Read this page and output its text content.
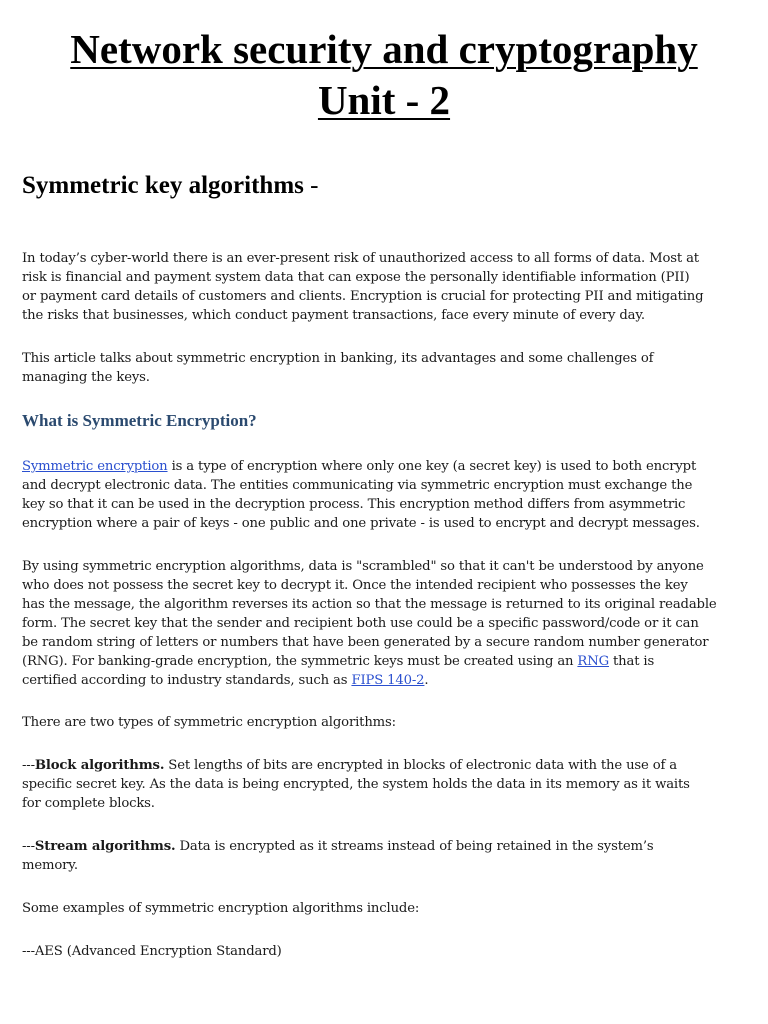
Network security and cryptography
Unit - 2
Symmetric key algorithms -

In today’s cyber-world there is an ever-present risk of unauthorized access to all forms of data. Most at
risk is financial and payment system data that can expose the personally identifiable information (PII)
or payment card details of customers and clients. Encryption is crucial for protecting PII and mitigating
the risks that businesses, which conduct payment transactions, face every minute of every day.

This article talks about symmetric encryption in banking, its advantages and some challenges of
managing the keys.

What is Symmetric Encryption?

Symmetric encryption is a type of encryption where only one key (a secret key) is used to both encrypt
and decrypt electronic data. The entities communicating via symmetric encryption must exchange the
key so that it can be used in the decryption process. This encryption method differs from asymmetric
encryption where a pair of keys - one public and one private - is used to encrypt and decrypt messages.

By using symmetric encryption algorithms, data is "scrambled" so that it can't be understood by anyone
who does not possess the secret key to decrypt it. Once the intended recipient who possesses the key
has the message, the algorithm reverses its action so that the message is returned to its original readable
form. The secret key that the sender and recipient both use could be a specific password/code or it can
be random string of letters or numbers that have been generated by a secure random number generator
(RNG). For banking-grade encryption, the symmetric keys must be created using an RNG that is
certified according to industry standards, such as FIPS 140-2.

There are two types of symmetric encryption algorithms:

---Block algorithms. Set lengths of bits are encrypted in blocks of electronic data with the use of a
specific secret key. As the data is being encrypted, the system holds the data in its memory as it waits
for complete blocks.

---Stream algorithms. Data is encrypted as it streams instead of being retained in the system’s
memory.

Some examples of symmetric encryption algorithms include:

---AES (Advanced Encryption Standard)
